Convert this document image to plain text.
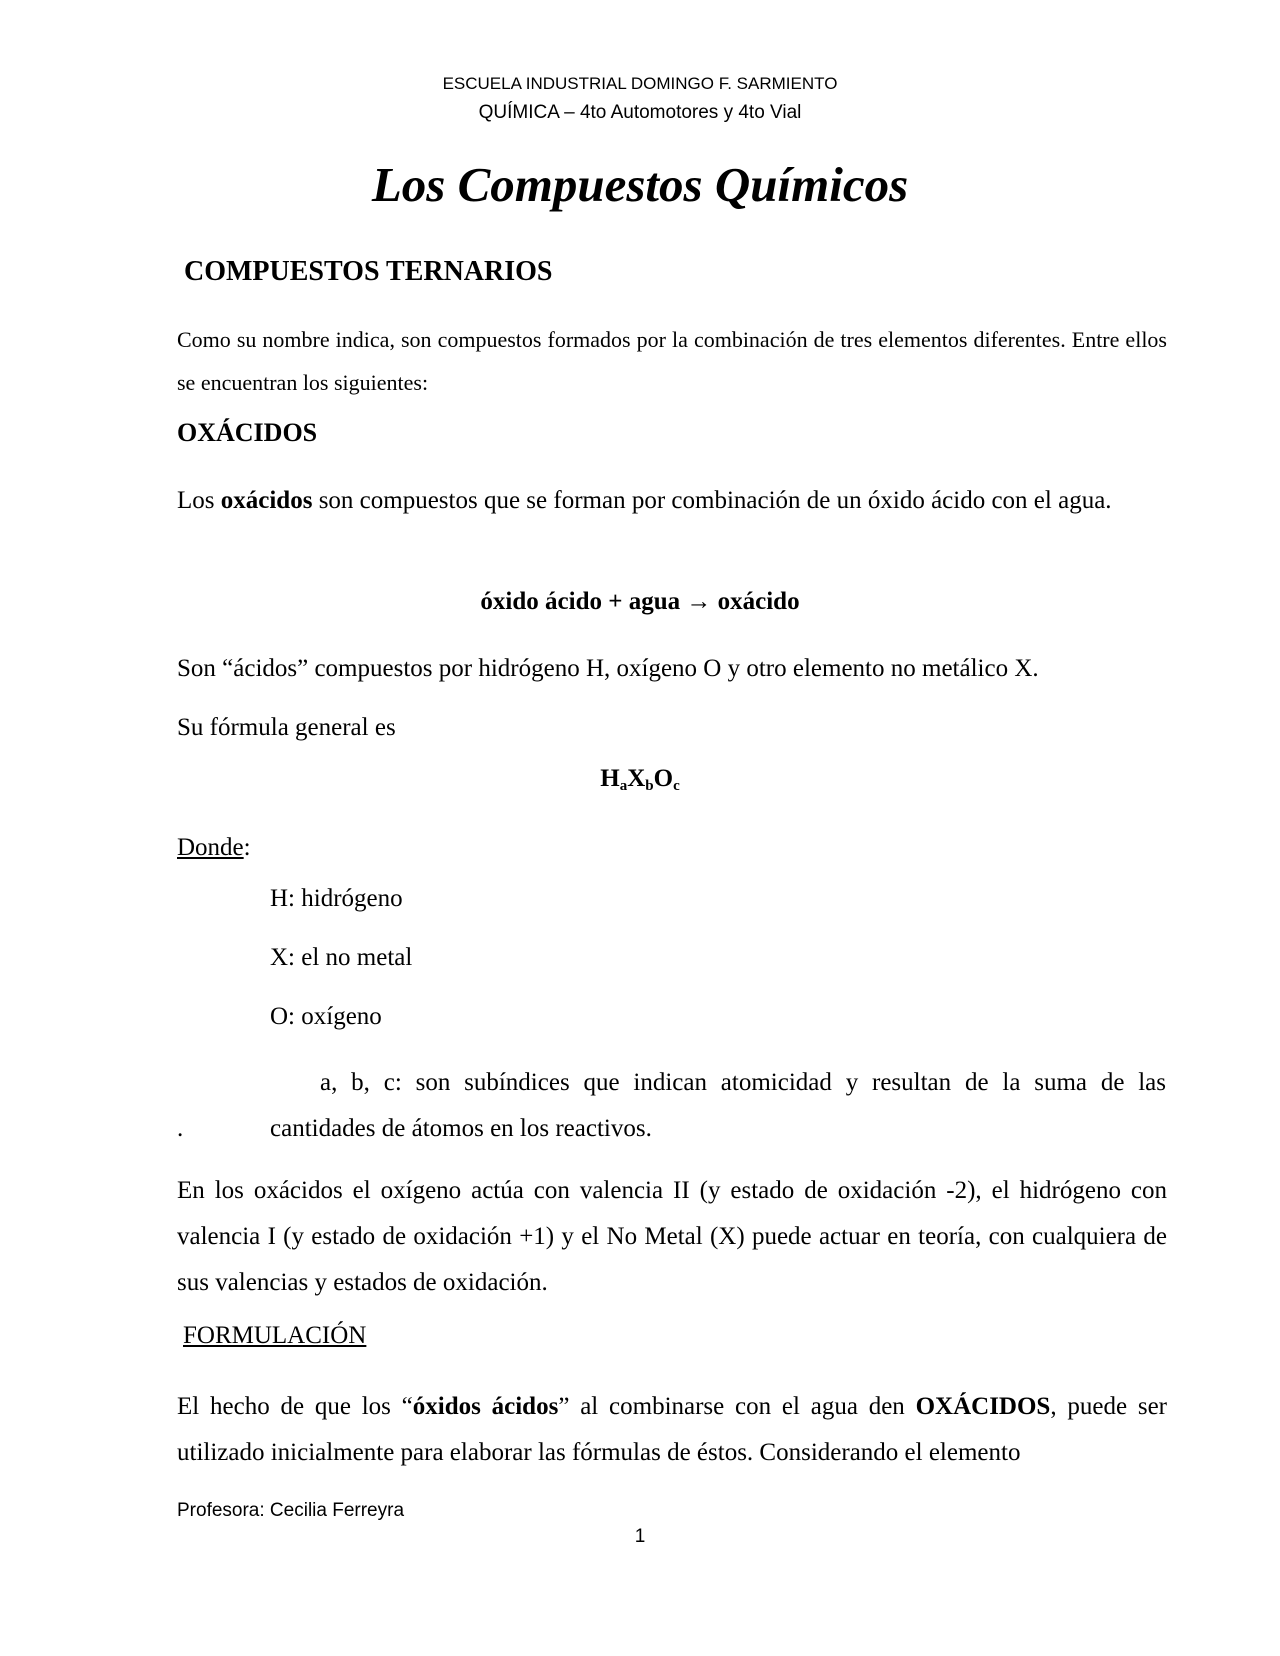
ESCUELA INDUSTRIAL DOMINGO F. SARMIENTO
QUÍMICA – 4to Automotores y 4to Vial
Los Compuestos Químicos
COMPUESTOS TERNARIOS
Como su nombre indica, son compuestos formados por la combinación de tres elementos diferentes. Entre ellos se encuentran los siguientes:
OXÁCIDOS
Los oxácidos son compuestos que se forman por combinación de un óxido ácido con el agua.
óxido ácido + agua → oxácido
Son “ácidos” compuestos por hidrógeno H, oxígeno O y otro elemento no metálico X.
Su fórmula general es
$H_aX_bO_c$
Donde:
H: hidrógeno
X: el no metal
O: oxígeno
a, b, c: son subíndices que indican atomicidad y resultan de la suma de las cantidades de átomos en los reactivos.
.
En los oxácidos el oxígeno actúa con valencia II (y estado de oxidación -2), el hidrógeno con valencia I (y estado de oxidación +1) y el No Metal (X) puede actuar en teoría, con cualquiera de sus valencias y estados de oxidación.
FORMULACIÓN
El hecho de que los “óxidos ácidos” al combinarse con el agua den OXÁCIDOS, puede ser utilizado inicialmente para elaborar las fórmulas de éstos. Considerando el elemento
Profesora: Cecilia Ferreyra
1
